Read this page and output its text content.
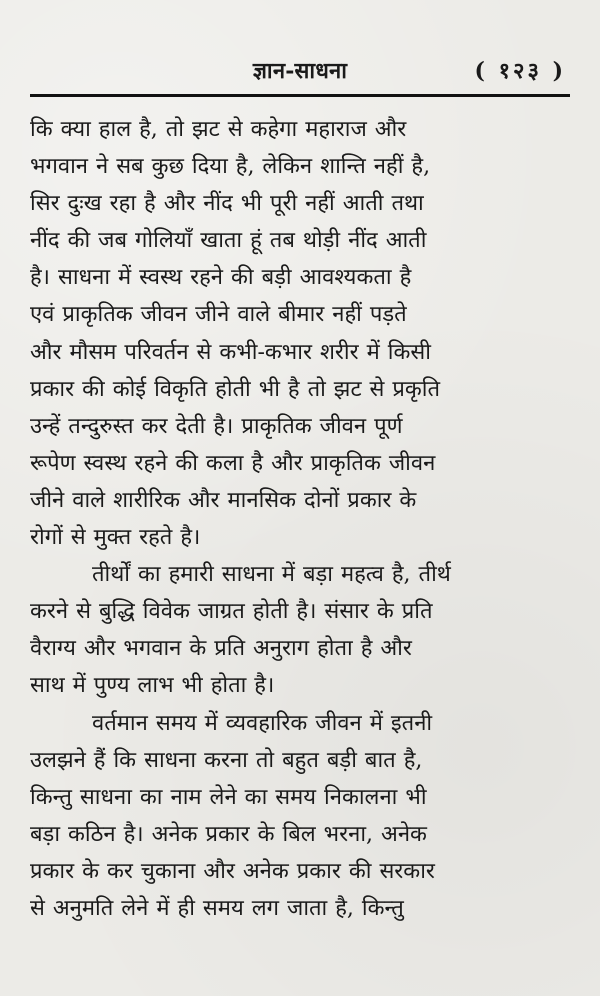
ज्ञान-साधना	( १२३ )

कि क्या हाल है, तो झट से कहेगा महाराज और
भगवान ने सब कुछ दिया है, लेकिन शान्ति नहीं है,
सिर दुःख रहा है और नींद भी पूरी नहीं आती तथा
नींद की जब गोलियाँ खाता हूं तब थोड़ी नींद आती
है। साधना में स्वस्थ रहने की बड़ी आवश्यकता है
एवं प्राकृतिक जीवन जीने वाले बीमार नहीं पड़ते
और मौसम परिवर्तन से कभी-कभार शरीर में किसी
प्रकार की कोई विकृति होती भी है तो झट से प्रकृति
उन्हें तन्दुरुस्त कर देती है। प्राकृतिक जीवन पूर्ण
रूपेण स्वस्थ रहने की कला है और प्राकृतिक जीवन
जीने वाले शारीरिक और मानसिक दोनों प्रकार के
रोगों से मुक्त रहते है।

तीर्थों का हमारी साधना में बड़ा महत्व है, तीर्थ
करने से बुद्धि विवेक जाग्रत होती है। संसार के प्रति
वैराग्य और भगवान के प्रति अनुराग होता है और
साथ में पुण्य लाभ भी होता है।

वर्तमान समय में व्यवहारिक जीवन में इतनी
उलझने हैं कि साधना करना तो बहुत बड़ी बात है,
किन्तु साधना का नाम लेने का समय निकालना भी
बड़ा कठिन है। अनेक प्रकार के बिल भरना, अनेक
प्रकार के कर चुकाना और अनेक प्रकार की सरकार
से अनुमति लेने में ही समय लग जाता है, किन्तु
